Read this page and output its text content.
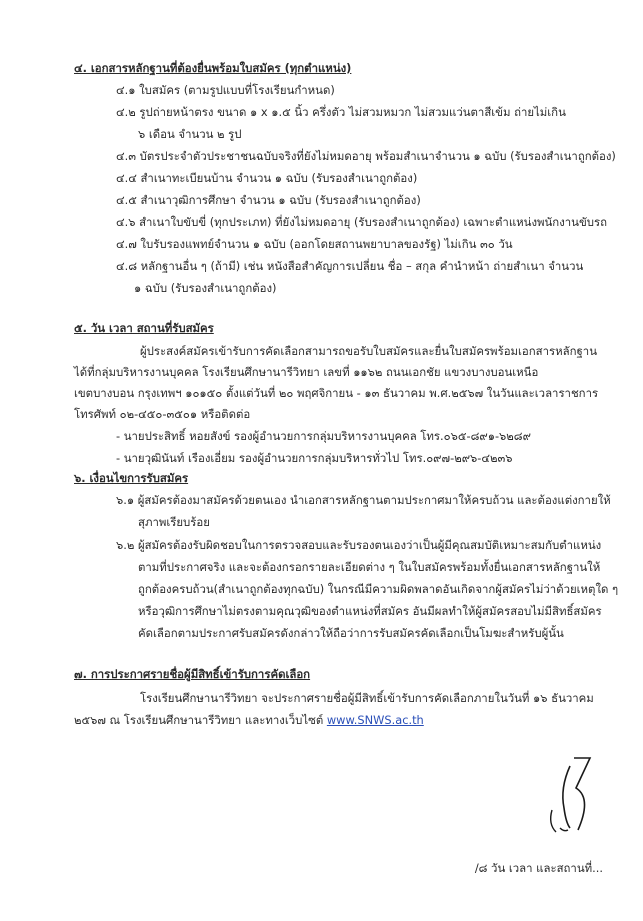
๔. เอกสารหลักฐานที่ต้องยื่นพร้อมใบสมัคร (ทุกตำแหน่ง)
๔.๑ ใบสมัคร (ตามรูปแบบที่โรงเรียนกำหนด)
๔.๒ รูปถ่ายหน้าตรง ขนาด ๑ x ๑.๕ นิ้ว ครึ่งตัว ไม่สวมหมวก ไม่สวมแว่นตาสีเข้ม ถ่ายไม่เกิน
๖ เดือน จำนวน ๒ รูป
๔.๓ บัตรประจำตัวประชาชนฉบับจริงที่ยังไม่หมดอายุ พร้อมสำเนาจำนวน ๑ ฉบับ (รับรองสำเนาถูกต้อง)
๔.๔ สำเนาทะเบียนบ้าน จำนวน ๑ ฉบับ (รับรองสำเนาถูกต้อง)
๔.๕ สำเนาวุฒิการศึกษา จำนวน ๑ ฉบับ (รับรองสำเนาถูกต้อง)
๔.๖ สำเนาใบขับขี่ (ทุกประเภท) ที่ยังไม่หมดอายุ (รับรองสำเนาถูกต้อง) เฉพาะตำแหน่งพนักงานขับรถ
๔.๗ ใบรับรองแพทย์จำนวน ๑ ฉบับ (ออกโดยสถานพยาบาลของรัฐ) ไม่เกิน ๓๐ วัน
๔.๘ หลักฐานอื่น ๆ (ถ้ามี) เช่น หนังสือสำคัญการเปลี่ยน ชื่อ – สกุล คำนำหน้า ถ่ายสำเนา จำนวน
๑ ฉบับ (รับรองสำเนาถูกต้อง)
๕. วัน เวลา สถานที่รับสมัคร
ผู้ประสงค์สมัครเข้ารับการคัดเลือกสามารถขอรับใบสมัครและยื่นใบสมัครพร้อมเอกสารหลักฐาน
ได้ที่กลุ่มบริหารงานบุคคล โรงเรียนศึกษานารีวิทยา เลขที่ ๑๑๖๒ ถนนเอกชัย แขวงบางบอนเหนือ
เขตบางบอน กรุงเทพฯ ๑๐๑๕๐ ตั้งแต่วันที่ ๒๐ พฤศจิกายน - ๑๓ ธันวาคม พ.ศ.๒๕๖๗ ในวันและเวลาราชการ
โทรศัพท์ ๐๒-๔๕๐-๓๕๐๑ หรือติดต่อ
- นายประสิทธิ์ หอยสังข์ รองผู้อำนวยการกลุ่มบริหารงานบุคคล โทร.๐๖๕-๘๙๑-๖๒๘๙
- นายวุฒินันท์ เรืองเอี่ยม รองผู้อำนวยการกลุ่มบริหารทั่วไป โทร.๐๙๗-๒๙๖-๔๒๓๖
๖. เงื่อนไขการรับสมัคร
๖.๑ ผู้สมัครต้องมาสมัครด้วยตนเอง นำเอกสารหลักฐานตามประกาศมาให้ครบถ้วน และต้องแต่งกายให้
สุภาพเรียบร้อย
๖.๒ ผู้สมัครต้องรับผิดชอบในการตรวจสอบและรับรองตนเองว่าเป็นผู้มีคุณสมบัติเหมาะสมกับตำแหน่ง
ตามที่ประกาศจริง และจะต้องกรอกรายละเอียดต่าง ๆ ในใบสมัครพร้อมทั้งยื่นเอกสารหลักฐานให้
ถูกต้องครบถ้วน(สำเนาถูกต้องทุกฉบับ) ในกรณีมีความผิดพลาดอันเกิดจากผู้สมัครไม่ว่าด้วยเหตุใด ๆ
หรือวุฒิการศึกษาไม่ตรงตามคุณวุฒิของตำแหน่งที่สมัคร อันมีผลทำให้ผู้สมัครสอบไม่มีสิทธิ์สมัคร
คัดเลือกตามประกาศรับสมัครดังกล่าวให้ถือว่าการรับสมัครคัดเลือกเป็นโมฆะสำหรับผู้นั้น
๗. การประกาศรายชื่อผู้มีสิทธิ์เข้ารับการคัดเลือก
โรงเรียนศึกษานารีวิทยา จะประกาศรายชื่อผู้มีสิทธิ์เข้ารับการคัดเลือกภายในวันที่ ๑๖ ธันวาคม
๒๕๖๗ ณ โรงเรียนศึกษานารีวิทยา และทางเว็บไซต์ www.SNWS.ac.th
/๘ วัน เวลา และสถานที่...
